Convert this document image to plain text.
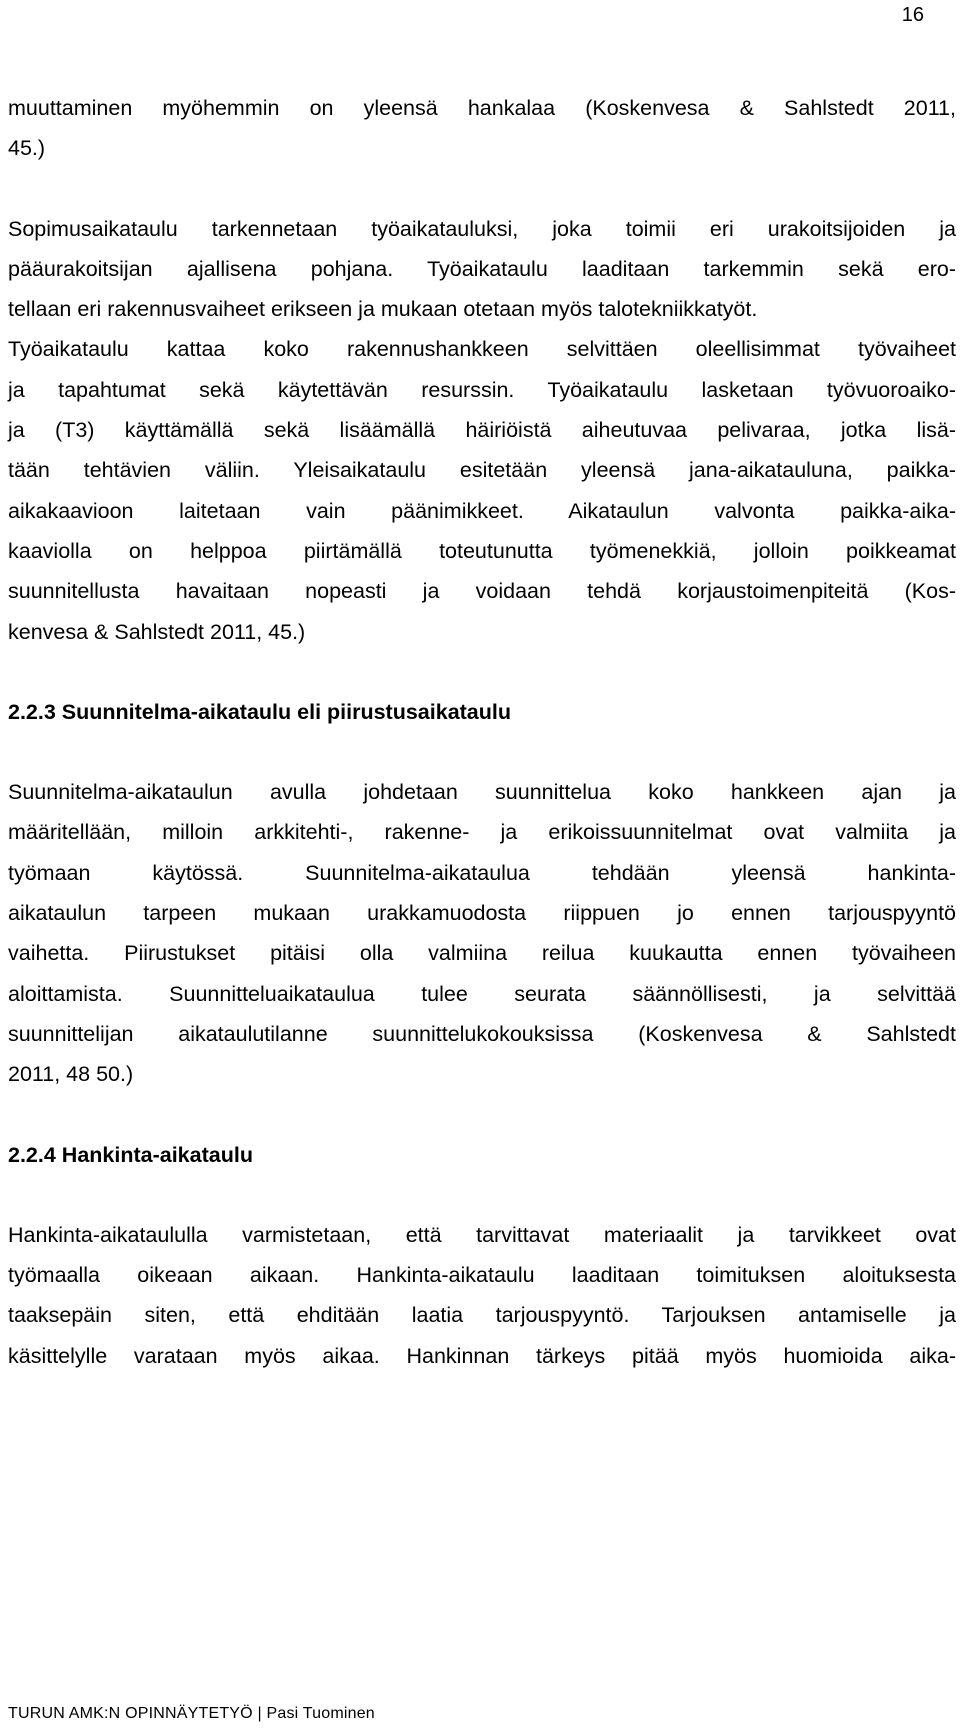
16

muuttaminen myöhemmin on yleensä hankalaa (Koskenvesa & Sahlstedt 2011,
45.)

Sopimusaikataulu tarkennetaan työaikatauluksi, joka toimii eri urakoitsijoiden ja
pääurakoitsijan ajallisena pohjana. Työaikataulu laaditaan tarkemmin sekä ero-
tellaan eri rakennusvaiheet erikseen ja mukaan otetaan myös talotekniikkatyöt.
Työaikataulu kattaa koko rakennushankkeen selvittäen oleellisimmat työvaiheet
ja tapahtumat sekä käytettävän resurssin. Työaikataulu lasketaan työvuoroaiko-
ja (T3) käyttämällä sekä lisäämällä häiriöistä aiheutuvaa pelivaraa, jotka lisä-
tään tehtävien väliin. Yleisaikataulu esitetään yleensä jana-aikatauluna, paikka-
aikakaavioon laitetaan vain päänimikkeet. Aikataulun valvonta paikka-aika-
kaaviolla on helppoa piirtämällä toteutunutta työmenekkiä, jolloin poikkeamat
suunnitellusta havaitaan nopeasti ja voidaan tehdä korjaustoimenpiteitä (Kos-
kenvesa & Sahlstedt 2011, 45.)

2.2.3 Suunnitelma-aikataulu eli piirustusaikataulu

Suunnitelma-aikataulun avulla johdetaan suunnittelua koko hankkeen ajan ja
määritellään, milloin arkkitehti-, rakenne- ja erikoissuunnitelmat ovat valmiita ja
työmaan käytössä. Suunnitelma-aikataulua tehdään yleensä hankinta-
aikataulun tarpeen mukaan urakkamuodosta riippuen jo ennen tarjouspyyntö
vaihetta. Piirustukset pitäisi olla valmiina reilua kuukautta ennen työvaiheen
aloittamista. Suunnitteluaikataulua tulee seurata säännöllisesti, ja selvittää
suunnittelijan aikataulutilanne suunnittelukokouksissa (Koskenvesa & Sahlstedt
2011, 48 50.)

2.2.4 Hankinta-aikataulu

Hankinta-aikataululla varmistetaan, että tarvittavat materiaalit ja tarvikkeet ovat
työmaalla oikeaan aikaan. Hankinta-aikataulu laaditaan toimituksen aloituksesta
taaksepäin siten, että ehditään laatia tarjouspyyntö. Tarjouksen antamiselle ja
käsittelylle varataan myös aikaa. Hankinnan tärkeys pitää myös huomioida aika-

TURUN AMK:N OPINNÄYTETYÖ | Pasi Tuominen
